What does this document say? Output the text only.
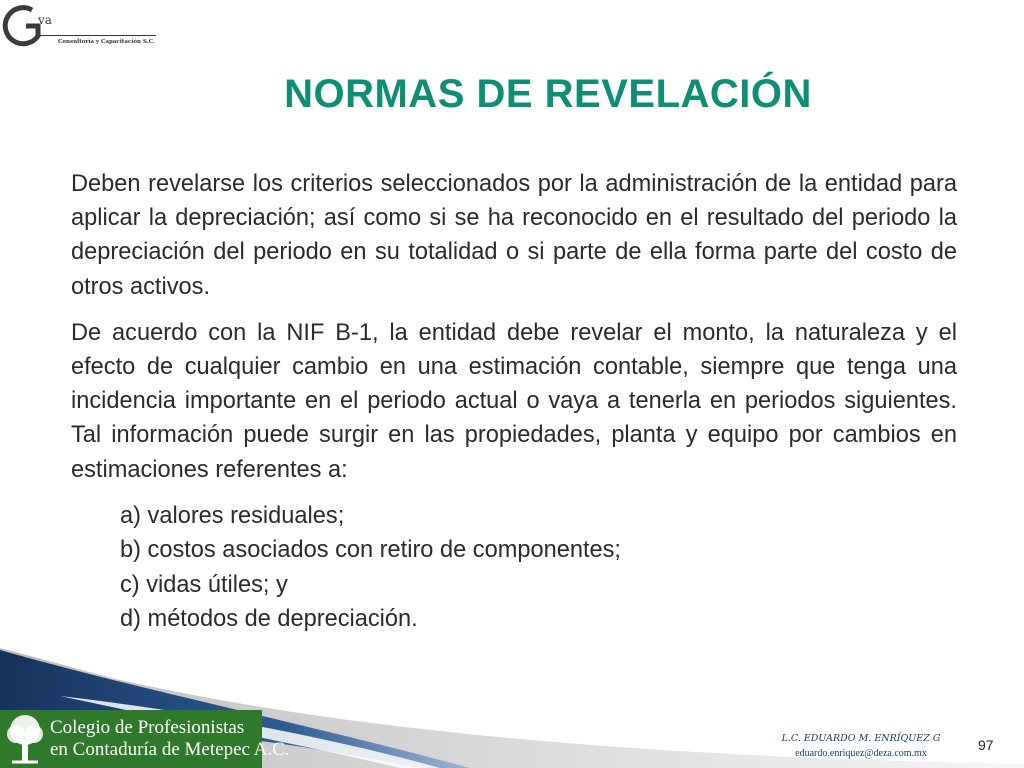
va
Consultoría y Capacitación S.C.
NORMAS DE REVELACIÓN

Deben revelarse los criterios seleccionados por la administración de la entidad para aplicar la depreciación; así como si se ha reconocido en el resultado del periodo la depreciación del periodo en su totalidad o si parte de ella forma parte del costo de otros activos.

De acuerdo con la NIF B-1, la entidad debe revelar el monto, la naturaleza y el efecto de cualquier cambio en una estimación contable, siempre que tenga una incidencia importante en el periodo actual o vaya a tenerla en periodos siguientes. Tal información puede surgir en las propiedades, planta y equipo por cambios en estimaciones referentes a:

a) valores residuales;
b) costos asociados con retiro de componentes;
c) vidas útiles; y
d) métodos de depreciación.
Colegio de Profesionistas
en Contaduría de Metepec A.C.
L.C. EDUARDO M. ENRÍQUEZ G
eduardo.enriquez@deza.com.mx
97
